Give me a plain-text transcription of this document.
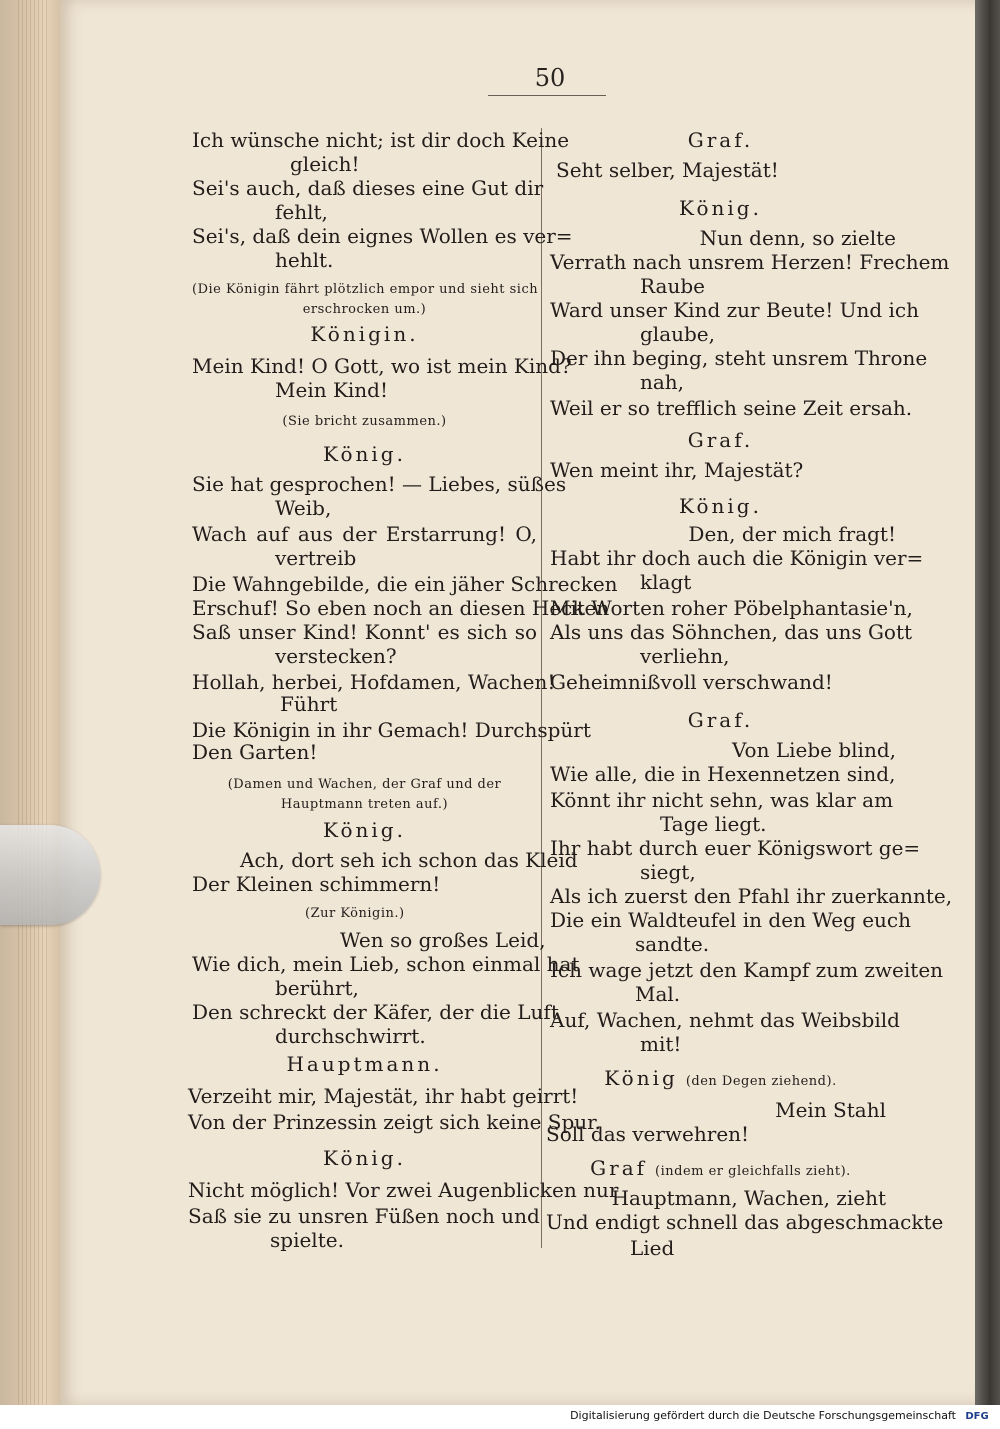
50
Ich wünsche nicht; ist dir doch Keine
gleich!
Sei's auch, daß dieses eine Gut dir
fehlt,
Sei's, daß dein eignes Wollen es ver=
hehlt.
(Die Königin fährt plötzlich empor und sieht sich
erschrocken um.)
Königin.
Mein Kind! O Gott, wo ist mein Kind?
Mein Kind!
(Sie bricht zusammen.)
König.
Sie hat gesprochen! — Liebes, süßes
Weib,
Wach auf aus der Erstarrung! O,
vertreib
Die Wahngebilde, die ein jäher Schrecken
Erschuf! So eben noch an diesen Hecken
Saß unser Kind! Konnt' es sich so
verstecken?
Hollah, herbei, Hofdamen, Wachen!
Führt
Die Königin in ihr Gemach! Durchspürt
Den Garten!
(Damen und Wachen, der Graf und der
Hauptmann treten auf.)
König.
Ach, dort seh ich schon das Kleid
Der Kleinen schimmern!
(Zur Königin.)
Wen so großes Leid,
Wie dich, mein Lieb, schon einmal hat
berührt,
Den schreckt der Käfer, der die Luft
durchschwirrt.
Hauptmann.
Verzeiht mir, Majestät, ihr habt geirrt!
Von der Prinzessin zeigt sich keine Spur.
König.
Nicht möglich! Vor zwei Augenblicken nur
Saß sie zu unsren Füßen noch und
spielte.
Graf.
Seht selber, Majestät!
König.
Nun denn, so zielte
Verrath nach unsrem Herzen! Frechem
Raube
Ward unser Kind zur Beute! Und ich
glaube,
Der ihn beging, steht unsrem Throne
nah,
Weil er so trefflich seine Zeit ersah.
Graf.
Wen meint ihr, Majestät?
König.
Den, der mich fragt!
Habt ihr doch auch die Königin ver=
klagt
Mit Worten roher Pöbelphantasie'n,
Als uns das Söhnchen, das uns Gott
verliehn,
Geheimnißvoll verschwand!
Graf.
Von Liebe blind,
Wie alle, die in Hexennetzen sind,
Könnt ihr nicht sehn, was klar am
Tage liegt.
Ihr habt durch euer Königswort ge=
siegt,
Als ich zuerst den Pfahl ihr zuerkannte,
Die ein Waldteufel in den Weg euch
sandte.
Ich wage jetzt den Kampf zum zweiten
Mal.
Auf, Wachen, nehmt das Weibsbild
mit!
König (den Degen ziehend).
Mein Stahl
Soll das verwehren!
Graf (indem er gleichfalls zieht).
Hauptmann, Wachen, zieht
Und endigt schnell das abgeschmackte
Lied
Digitalisierung gefördert durch die Deutsche Forschungsgemeinschaft DFG
